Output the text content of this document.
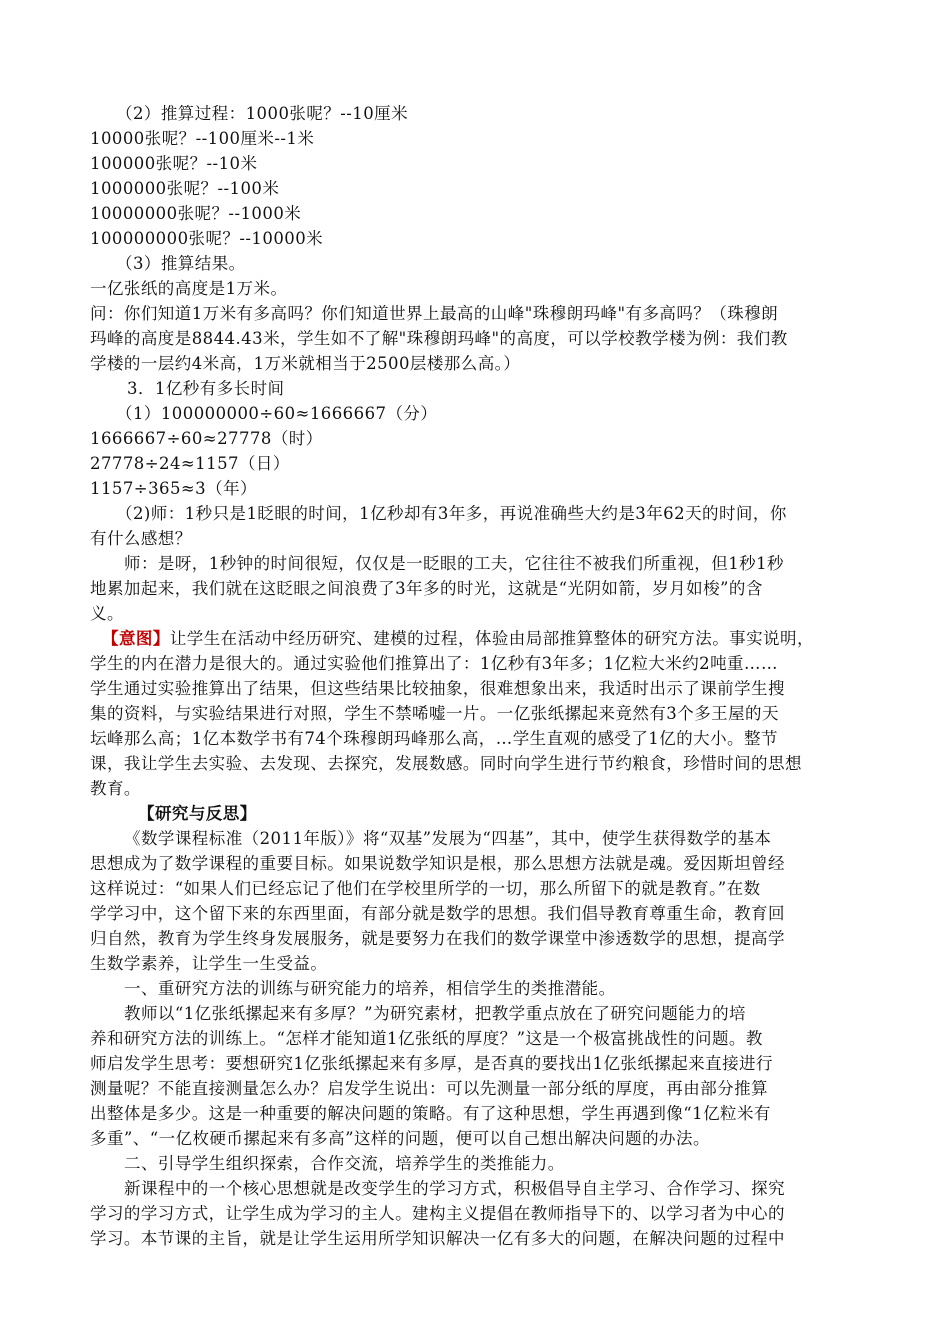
（2）推算过程：1000张呢？--10厘米
10000张呢？--100厘米--1米
100000张呢？--10米
1000000张呢？--100米
10000000张呢？--1000米
100000000张呢？--10000米
（3）推算结果。
一亿张纸的高度是1万米。
问：你们知道1万米有多高吗？你们知道世界上最高的山峰"珠穆朗玛峰"有多高吗？（珠穆朗
玛峰的高度是8844.43米，学生如不了解"珠穆朗玛峰"的高度，可以学校教学楼为例：我们教
学楼的一层约4米高，1万米就相当于2500层楼那么高。）
3．1亿秒有多长时间
（1）100000000÷60≈1666667（分）
1666667÷60≈27778（时）
27778÷24≈1157（日）
1157÷365≈3（年）
（2)师：1秒只是1眨眼的时间，1亿秒却有3年多，再说准确些大约是3年62天的时间，你
有什么感想？
师：是呀，1秒钟的时间很短，仅仅是一眨眼的工夫，它往往不被我们所重视，但1秒1秒
地累加起来，我们就在这眨眼之间浪费了3年多的时光，这就是“光阴如箭，岁月如梭”的含
义。
【意图】让学生在活动中经历研究、建模的过程，体验由局部推算整体的研究方法。事实说明，
学生的内在潜力是很大的。通过实验他们推算出了：1亿秒有3年多；1亿粒大米约2吨重……
学生通过实验推算出了结果，但这些结果比较抽象，很难想象出来，我适时出示了课前学生搜
集的资料，与实验结果进行对照，学生不禁唏嘘一片。一亿张纸摞起来竟然有3个多王屋的天
坛峰那么高；1亿本数学书有74个珠穆朗玛峰那么高，…学生直观的感受了1亿的大小。整节
课，我让学生去实验、去发现、去探究，发展数感。同时向学生进行节约粮食，珍惜时间的思想
教育。
【研究与反思】
《数学课程标准（2011年版）》将“双基”发展为“四基”，其中，使学生获得数学的基本
思想成为了数学课程的重要目标。如果说数学知识是根，那么思想方法就是魂。爱因斯坦曾经
这样说过：“如果人们已经忘记了他们在学校里所学的一切，那么所留下的就是教育。”在数
学学习中，这个留下来的东西里面，有部分就是数学的思想。我们倡导教育尊重生命，教育回
归自然，教育为学生终身发展服务，就是要努力在我们的数学课堂中渗透数学的思想，提高学
生数学素养，让学生一生受益。
一、重研究方法的训练与研究能力的培养，相信学生的类推潜能。
教师以“1亿张纸摞起来有多厚？”为研究素材，把教学重点放在了研究问题能力的培
养和研究方法的训练上。“怎样才能知道1亿张纸的厚度？”这是一个极富挑战性的问题。教
师启发学生思考：要想研究1亿张纸摞起来有多厚，是否真的要找出1亿张纸摞起来直接进行
测量呢？不能直接测量怎么办？启发学生说出：可以先测量一部分纸的厚度，再由部分推算
出整体是多少。这是一种重要的解决问题的策略。有了这种思想，学生再遇到像“1亿粒米有
多重”、“一亿枚硬币摞起来有多高”这样的问题，便可以自己想出解决问题的办法。
二、引导学生组织探索，合作交流，培养学生的类推能力。
新课程中的一个核心思想就是改变学生的学习方式，积极倡导自主学习、合作学习、探究
学习的学习方式，让学生成为学习的主人。建构主义提倡在教师指导下的、以学习者为中心的
学习。本节课的主旨，就是让学生运用所学知识解决一亿有多大的问题，在解决问题的过程中
